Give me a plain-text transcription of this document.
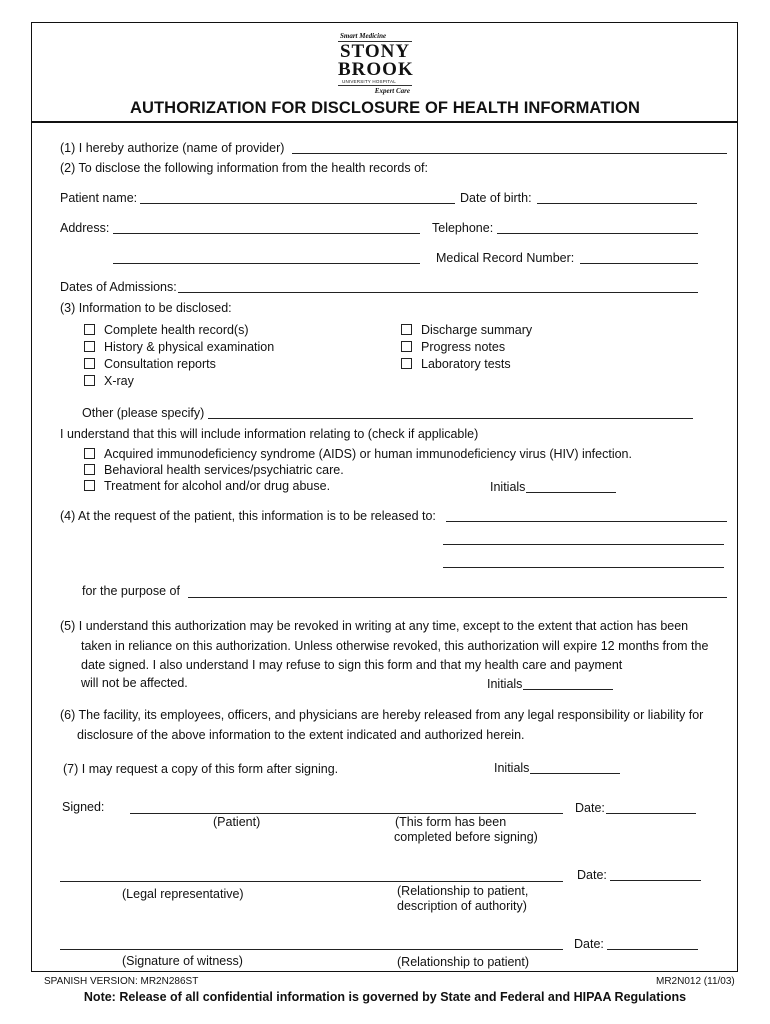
Smart Medicine
STONY
BROOK
UNIVERSITY HOSPITAL
Expert Care
AUTHORIZATION FOR DISCLOSURE OF HEALTH INFORMATION
(1) I hereby authorize (name of provider)
(2) To disclose the following information from the health records of:
Patient name:	Date of birth:
Address:	Telephone:
Medical Record Number:
Dates of Admissions:
(3) Information to be disclosed:
Complete health record(s)
History & physical examination
Consultation reports
X-ray
Discharge summary
Progress notes
Laboratory tests
Other (please specify)
I understand that this will include information relating to (check if applicable)
Acquired immunodeficiency syndrome (AIDS) or human immunodeficiency virus (HIV) infection.
Behavioral health services/psychiatric care.
Treatment for alcohol and/or drug abuse.	Initials
(4) At the request of the patient, this information is to be released to:
for the purpose of
(5) I understand this authorization may be revoked in writing at any time, except to the extent that action has been
taken in reliance on this authorization. Unless otherwise revoked, this authorization will expire 12 months from the
date signed. I also understand I may refuse to sign this form and that my health care and payment
will not be affected.	Initials
(6) The facility, its employees, officers, and physicians are hereby released from any legal responsibility or liability for
disclosure of the above information to the extent indicated and authorized herein.
(7) I may request a copy of this form after signing.	Initials
Signed:	Date:
(Patient)	(This form has been
completed before signing)
Date:
(Legal representative)	(Relationship to patient,
description of authority)
Date:
(Signature of witness)	(Relationship to patient)
SPANISH VERSION: MR2N286ST	MR2N012 (11/03)
Note: Release of all confidential information is governed by State and Federal and HIPAA Regulations
